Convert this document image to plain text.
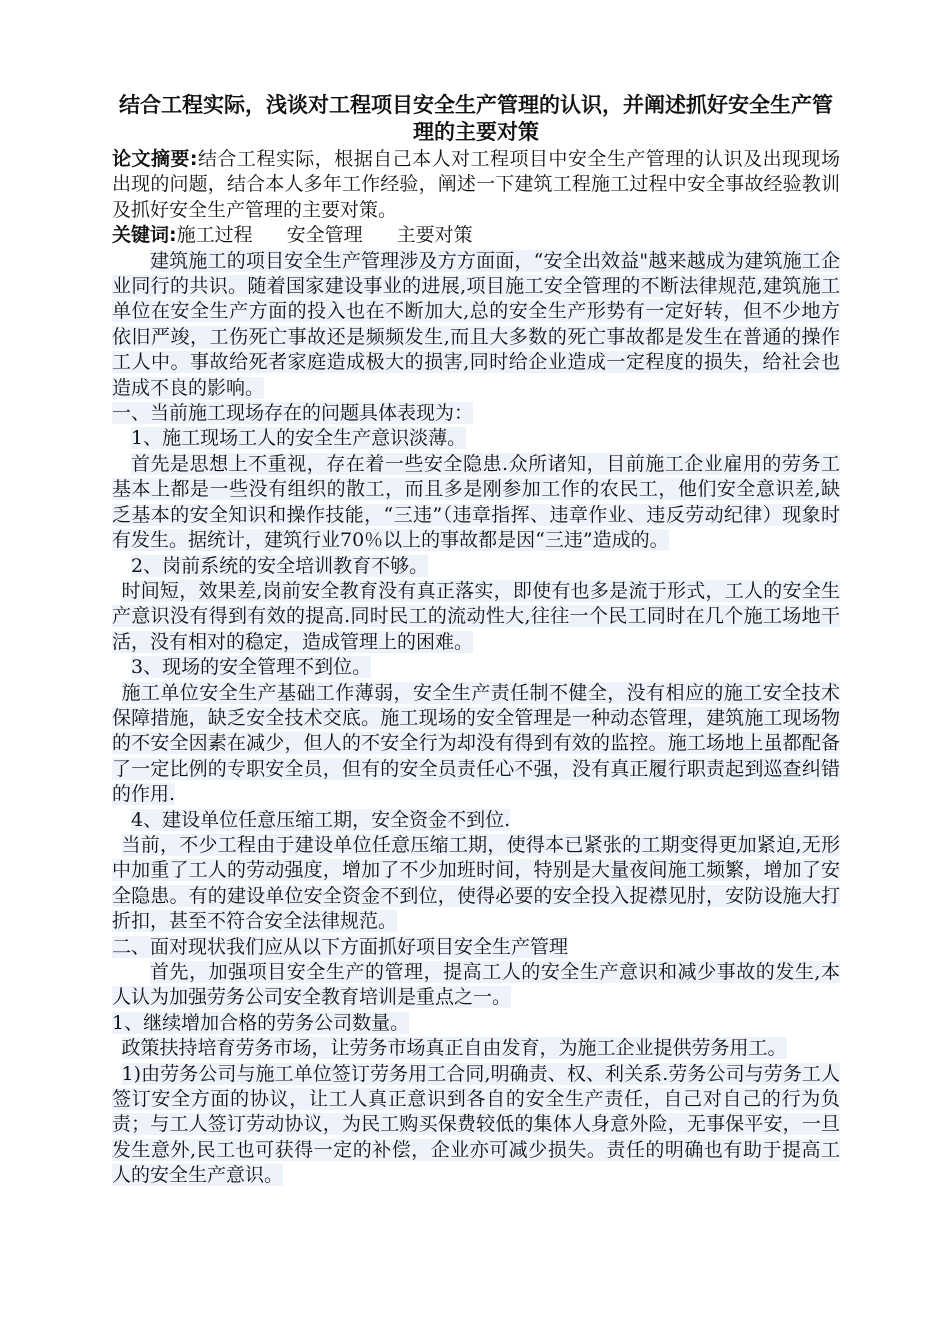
结合工程实际，浅谈对工程项目安全生产管理的认识，并阐述抓好安全生产管理的主要对策

论文摘要:结合工程实际，根据自己本人对工程项目中安全生产管理的认识及出现现场出现的问题，结合本人多年工作经验，阐述一下建筑工程施工过程中安全事故经验教训及抓好安全生产管理的主要对策。

关键词:施工过程 安全管理 主要对策

建筑施工的项目安全生产管理涉及方方面面，“安全出效益"越来越成为建筑施工企业同行的共识。随着国家建设事业的进展,项目施工安全管理的不断法律规范,建筑施工单位在安全生产方面的投入也在不断加大,总的安全生产形势有一定好转，但不少地方依旧严竣，工伤死亡事故还是频频发生,而且大多数的死亡事故都是发生在普通的操作工人中。事故给死者家庭造成极大的损害,同时给企业造成一定程度的损失，给社会也造成不良的影响。

一、当前施工现场存在的问题具体表现为：

1、施工现场工人的安全生产意识淡薄。

首先是思想上不重视，存在着一些安全隐患.众所诸知，目前施工企业雇用的劳务工基本上都是一些没有组织的散工，而且多是刚参加工作的农民工，他们安全意识差,缺乏基本的安全知识和操作技能，“三违”（违章指挥、违章作业、违反劳动纪律）现象时有发生。据统计，建筑行业70％以上的事故都是因“三违”造成的。

2、岗前系统的安全培训教育不够。

时间短，效果差,岗前安全教育没有真正落实，即使有也多是流于形式，工人的安全生产意识没有得到有效的提高.同时民工的流动性大,往往一个民工同时在几个施工场地干活，没有相对的稳定，造成管理上的困难。

3、现场的安全管理不到位。

施工单位安全生产基础工作薄弱，安全生产责任制不健全，没有相应的施工安全技术保障措施，缺乏安全技术交底。施工现场的安全管理是一种动态管理，建筑施工现场物的不安全因素在减少，但人的不安全行为却没有得到有效的监控。施工场地上虽都配备了一定比例的专职安全员，但有的安全员责任心不强，没有真正履行职责起到巡查纠错的作用.

4、建设单位任意压缩工期，安全资金不到位.

当前，不少工程由于建设单位任意压缩工期，使得本已紧张的工期变得更加紧迫,无形中加重了工人的劳动强度，增加了不少加班时间，特别是大量夜间施工频繁，增加了安全隐患。有的建设单位安全资金不到位，使得必要的安全投入捉襟见肘，安防设施大打折扣，甚至不符合安全法律规范。

二、面对现状我们应从以下方面抓好项目安全生产管理

首先，加强项目安全生产的管理，提高工人的安全生产意识和减少事故的发生,本人认为加强劳务公司安全教育培训是重点之一。

1、继续增加合格的劳务公司数量。

政策扶持培育劳务市场，让劳务市场真正自由发育，为施工企业提供劳务用工。

1)由劳务公司与施工单位签订劳务用工合同,明确责、权、利关系.劳务公司与劳务工人签订安全方面的协议，让工人真正意识到各自的安全生产责任，自己对自己的行为负责；与工人签订劳动协议，为民工购买保费较低的集体人身意外险，无事保平安，一旦发生意外,民工也可获得一定的补偿，企业亦可减少损失。责任的明确也有助于提高工人的安全生产意识。
